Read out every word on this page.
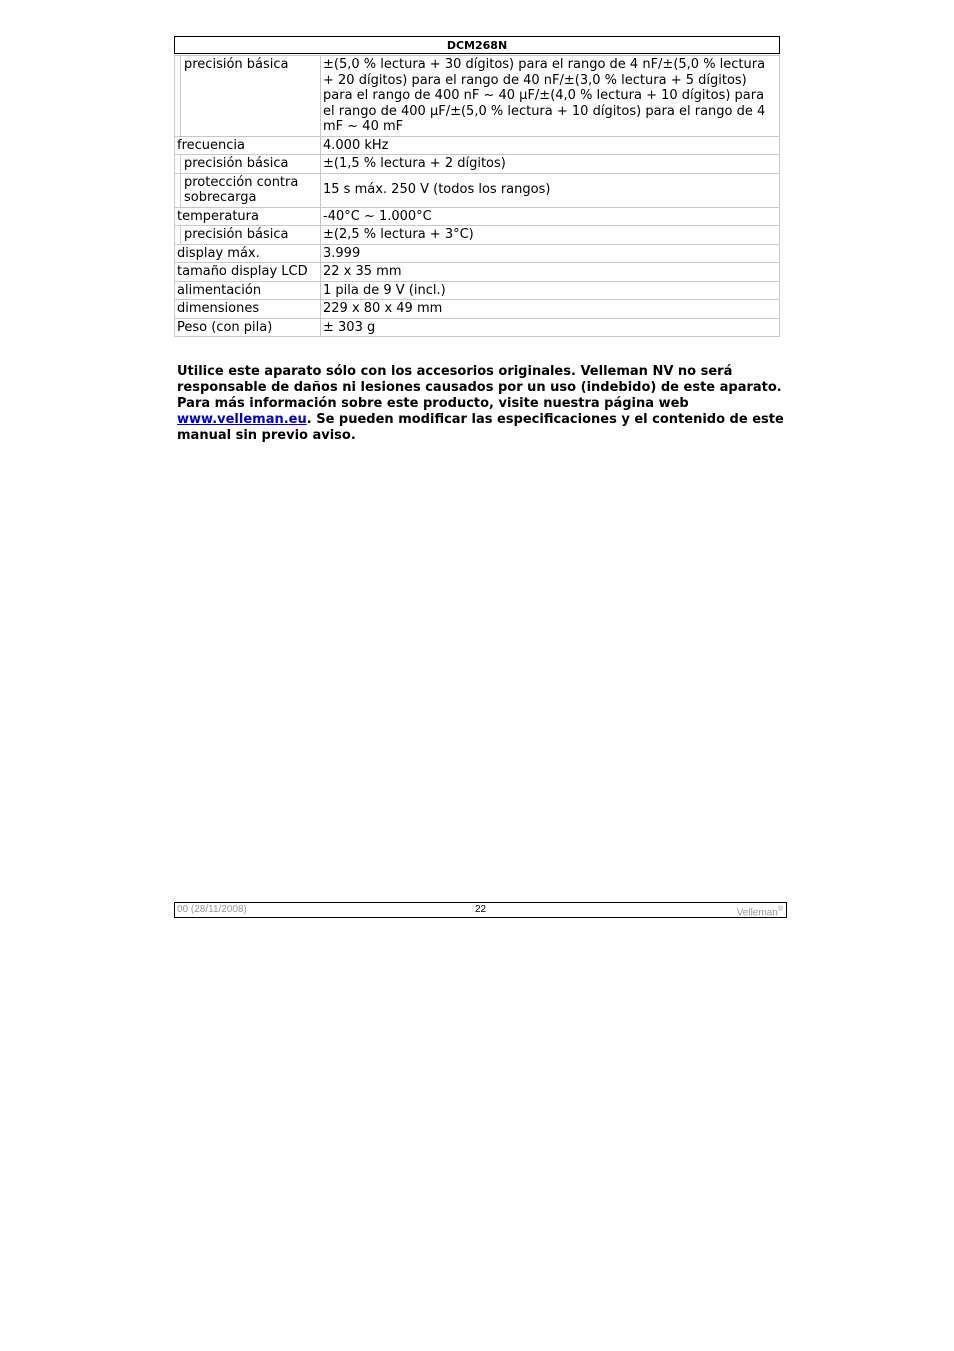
DCM268N
	precisión básica	±(5,0 % lectura + 30 dígitos) para el rango de 4 nF/±(5,0 % lectura + 20 dígitos) para el rango de 40 nF/±(3,0 % lectura + 5 dígitos) para el rango de 400 nF ~ 40 µF/±(4,0 % lectura + 10 dígitos) para el rango de 400 µF/±(5,0 % lectura + 10 dígitos) para el rango de 4 mF ~ 40 mF
frecuencia		4.000 kHz
	precisión básica	±(1,5 % lectura + 2 dígitos)
	protección contra sobrecarga	15 s máx. 250 V (todos los rangos)
temperatura		-40°C ~ 1.000°C
	precisión básica	±(2,5 % lectura + 3°C)
display máx.		3.999
tamaño display LCD		22 x 35 mm
alimentación		1 pila de 9 V (incl.)
dimensiones		229 x 80 x 49 mm
Peso (con pila)		± 303 g
Utilice este aparato sólo con los accesorios originales. Velleman NV no será responsable de daños ni lesiones causados por un uso (indebido) de este aparato. Para más información sobre este producto, visite nuestra página web www.velleman.eu. Se pueden modificar las especificaciones y el contenido de este manual sin previo aviso.
00 (28/11/2008)	22	Velleman®
